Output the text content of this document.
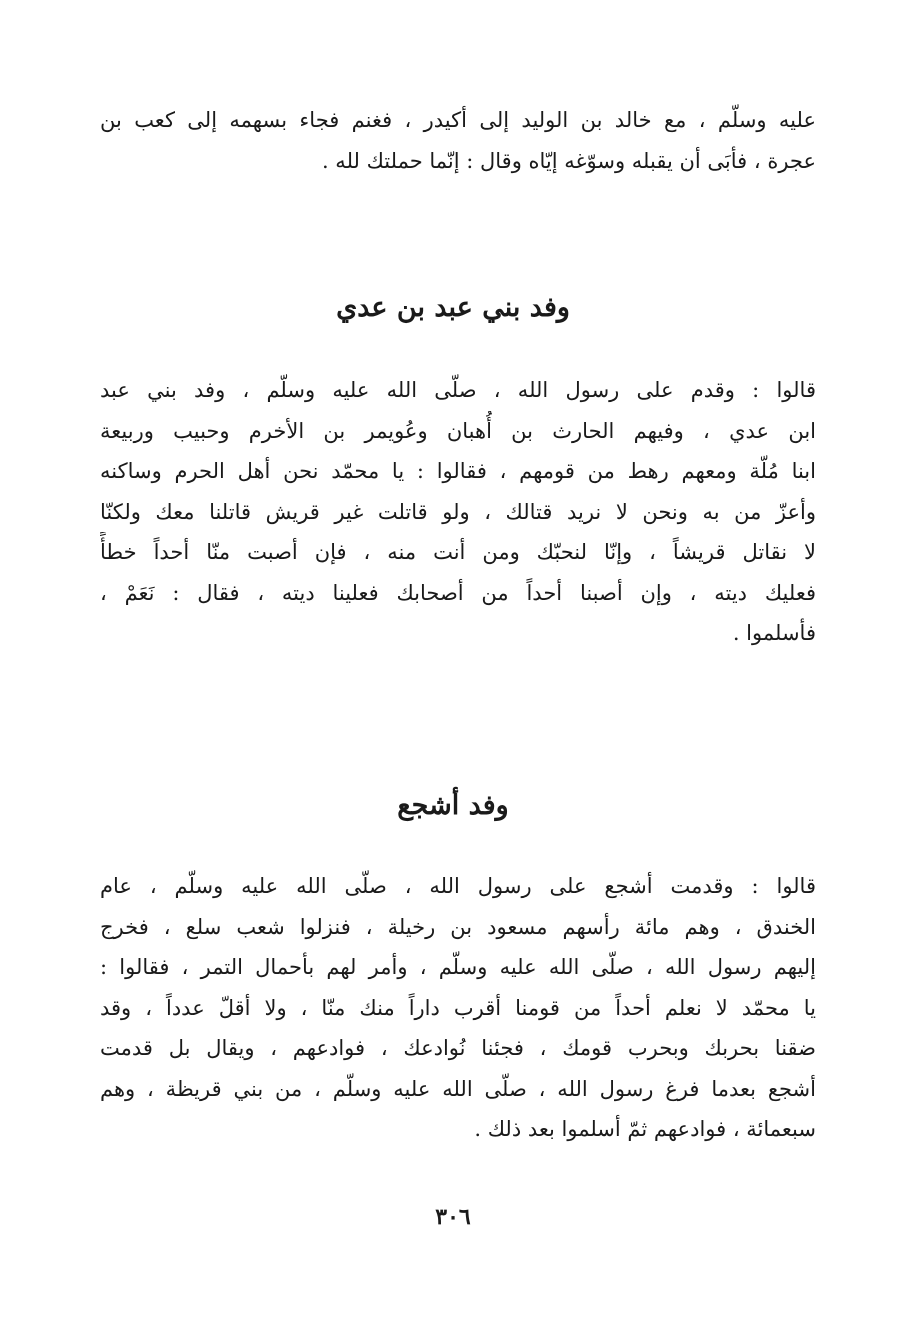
عليه وسلّم ، مع خالد بن الوليد إلى أكيدر ، فغنم فجاء بسهمه إلى كعب بن
عجرة ، فأبَى أن يقبله وسوّغه إيّاه وقال : إنّما حملتك لله .
وفد بني عبد بن عدي
قالوا : وقدم على رسول الله ، صلّى الله عليه وسلّم ، وفد بني عبد
ابن عدي ، وفيهم الحارث بن أُهبان وعُويمر بن الأخرم وحبيب وربيعة
ابنا مُلّة ومعهم رهط من قومهم ، فقالوا : يا محمّد نحن أهل الحرم وساكنه
وأعزّ من به ونحن لا نريد قتالك ، ولو قاتلت غير قريش قاتلنا معك ولكنّا
لا نقاتل قريشاً ، وإنّا لنحبّك ومن أنت منه ، فإن أصبت منّا أحداً خطأً
فعليك ديته ، وإن أصبنا أحداً من أصحابك فعلينا ديته ، فقال : نَعَمْ ،
فأسلموا .
وفد أشجع
قالوا : وقدمت أشجع على رسول الله ، صلّى الله عليه وسلّم ، عام
الخندق ، وهم مائة رأسهم مسعود بن رخيلة ، فنزلوا شعب سلع ، فخرج
إليهم رسول الله ، صلّى الله عليه وسلّم ، وأمر لهم بأحمال التمر ، فقالوا :
يا محمّد لا نعلم أحداً من قومنا أقرب داراً منك منّا ، ولا أقلّ عدداً ، وقد
ضقنا بحربك وبحرب قومك ، فجئنا نُوادعك ، فوادعهم ، ويقال بل قدمت
أشجع بعدما فرغ رسول الله ، صلّى الله عليه وسلّم ، من بني قريظة ، وهم
سبعمائة ، فوادعهم ثمّ أسلموا بعد ذلك .
٣٠٦
